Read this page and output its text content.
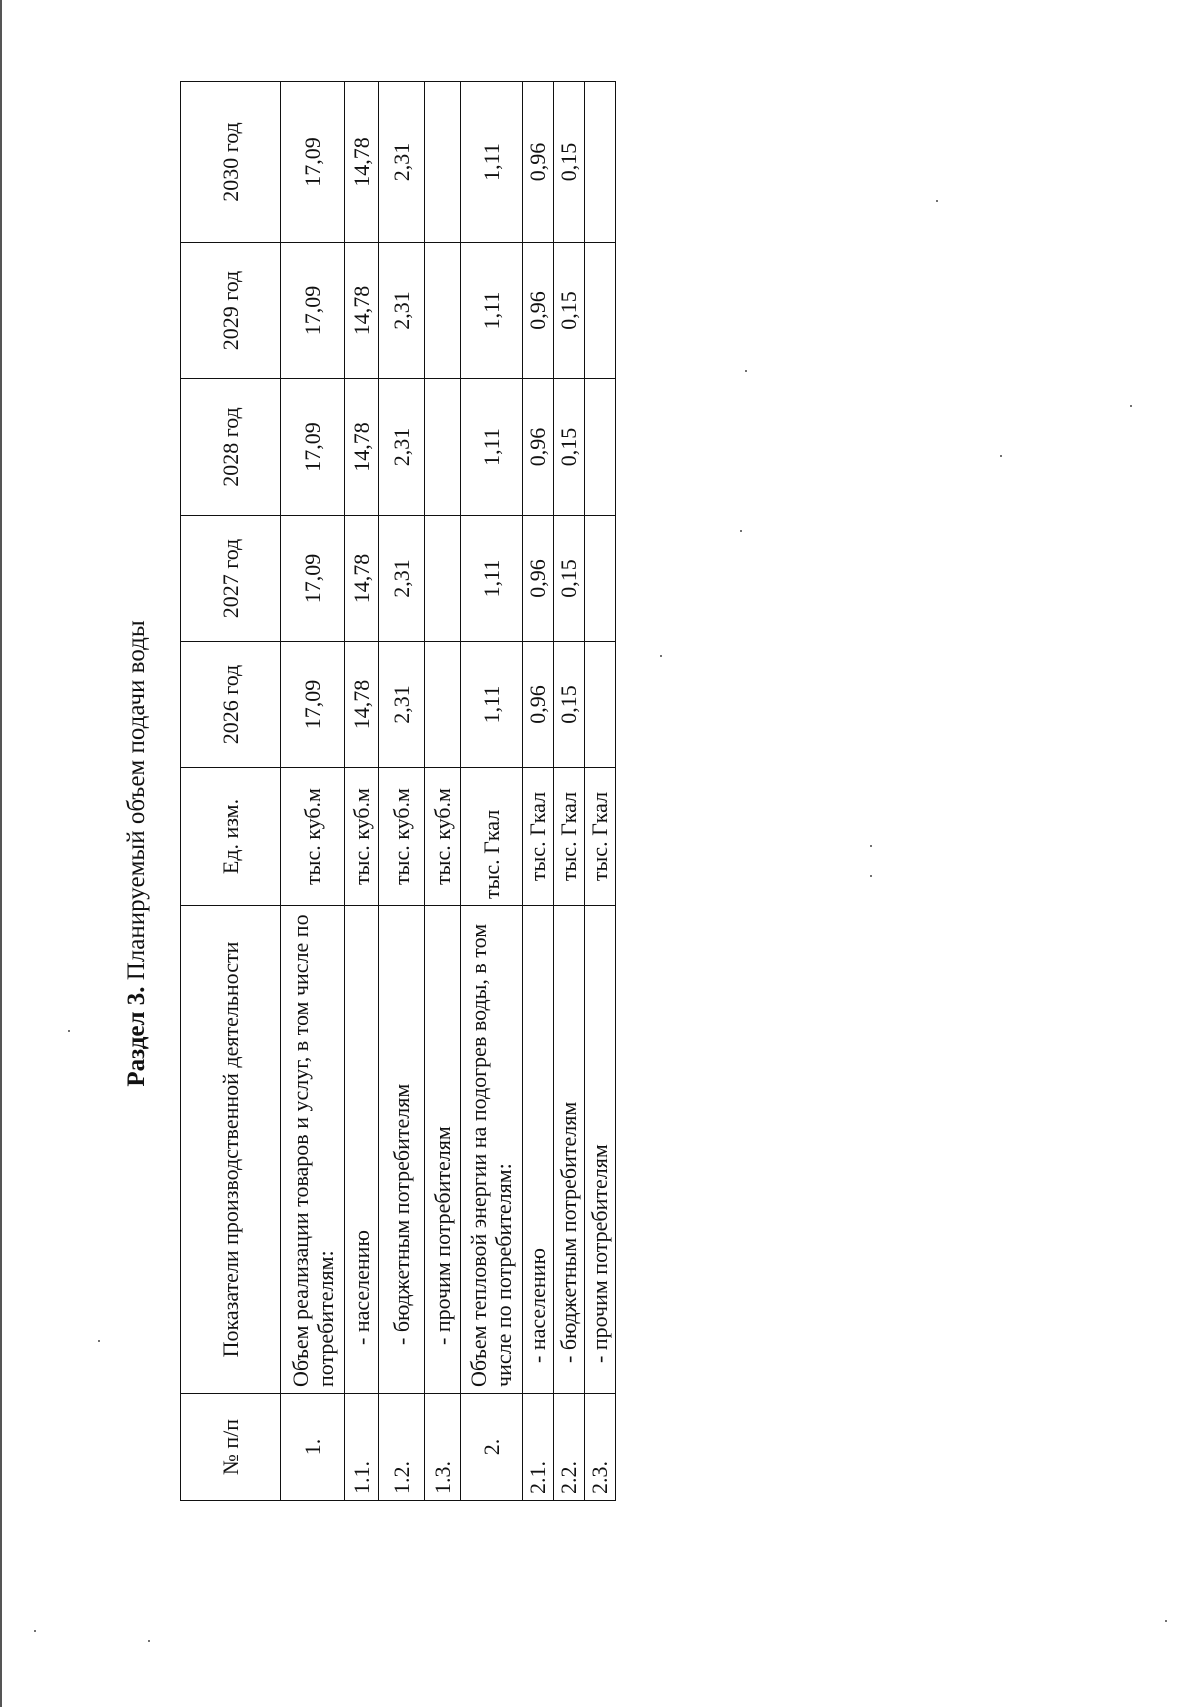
Раздел 3. Планируемый объем подачи воды
№ п/п	Показатели производственной деятельности	Ед. изм.	2026 год	2027 год	2028 год	2029 год	2030 год
1.	Объем реализации товаров и услуг, в том числе по потребителям:	тыс. куб.м	17,09	17,09	17,09	17,09	17,09
1.1.	- населению	тыс. куб.м	14,78	14,78	14,78	14,78	14,78
1.2.	- бюджетным потребителям	тыс. куб.м	2,31	2,31	2,31	2,31	2,31
1.3.	- прочим потребителям	тыс. куб.м					
2.	Объем тепловой энергии на подогрев воды, в том числе по потребителям:	тыс. Гкал	1,11	1,11	1,11	1,11	1,11
2.1.	- населению	тыс. Гкал	0,96	0,96	0,96	0,96	0,96
2.2.	- бюджетным потребителям	тыс. Гкал	0,15	0,15	0,15	0,15	0,15
2.3.	- прочим потребителям	тыс. Гкал					
